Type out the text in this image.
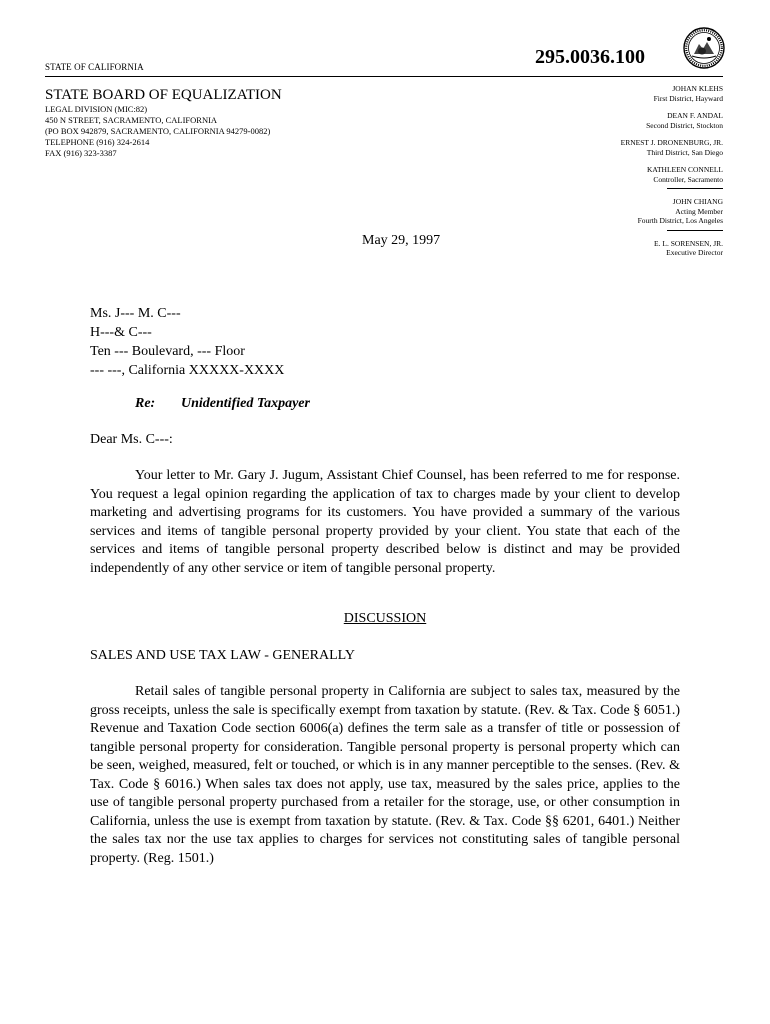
STATE OF CALIFORNIA	295.0036.100
STATE BOARD OF EQUALIZATION
LEGAL DIVISION (MIC:82)
450 N STREET, SACRAMENTO, CALIFORNIA
(PO BOX 942879, SACRAMENTO, CALIFORNIA 94279-0082)
TELEPHONE (916) 324-2614
FAX (916) 323-3387
JOHAN KLEHS
First District, Hayward
DEAN F. ANDAL
Second District, Stockton
ERNEST J. DRONENBURG, JR.
Third District, San Diego
KATHLEEN CONNELL
Controller, Sacramento
JOHN CHIANG
Acting Member
Fourth District, Los Angeles
E. L. SORENSEN, JR.
Executive Director
May 29, 1997
Ms. J--- M. C---
H---& C---
Ten --- Boulevard, --- Floor
--- ---, California XXXXX-XXXX
Re: Unidentified Taxpayer
Dear Ms. C---:
Your letter to Mr. Gary J. Jugum, Assistant Chief Counsel, has been referred to me for response. You request a legal opinion regarding the application of tax to charges made by your client to develop marketing and advertising programs for its customers. You have provided a summary of the various services and items of tangible personal property provided by your client. You state that each of the services and items of tangible personal property described below is distinct and may be provided independently of any other service or item of tangible personal property.
DISCUSSION
SALES AND USE TAX LAW - GENERALLY
Retail sales of tangible personal property in California are subject to sales tax, measured by the gross receipts, unless the sale is specifically exempt from taxation by statute. (Rev. & Tax. Code § 6051.) Revenue and Taxation Code section 6006(a) defines the term sale as a transfer of title or possession of tangible personal property for consideration. Tangible personal property is personal property which can be seen, weighed, measured, felt or touched, or which is in any manner perceptible to the senses. (Rev. & Tax. Code § 6016.) When sales tax does not apply, use tax, measured by the sales price, applies to the use of tangible personal property purchased from a retailer for the storage, use, or other consumption in California, unless the use is exempt from taxation by statute. (Rev. & Tax. Code §§ 6201, 6401.) Neither the sales tax nor the use tax applies to charges for services not constituting sales of tangible personal property. (Reg. 1501.)
